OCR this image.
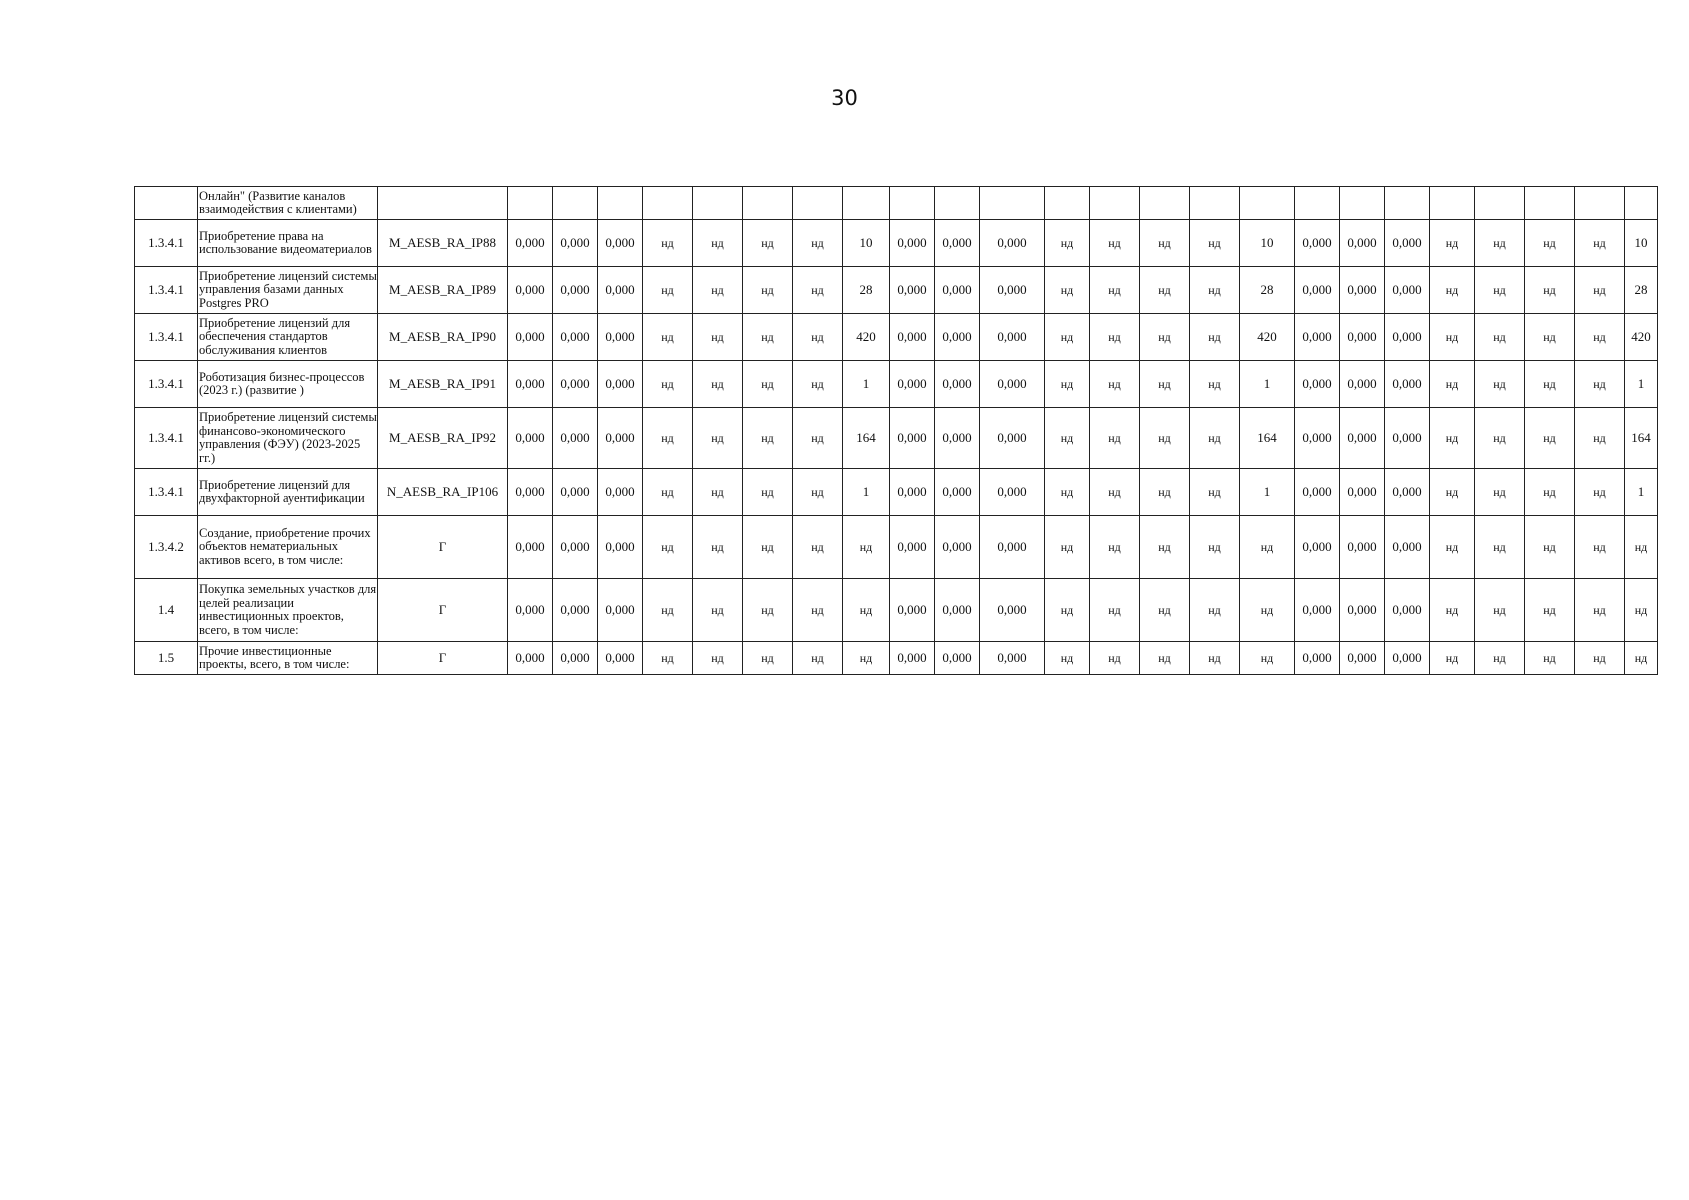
30
	Онлайн" (Развитие каналов взаимодействия с клиентами)																									
1.3.4.1	Приобретение права на использование видеоматериалов	M_AESB_RA_IP88	0,000	0,000	0,000	нд	нд	нд	нд	10	0,000	0,000	0,000	нд	нд	нд	нд	10	0,000	0,000	0,000	нд	нд	нд	нд	10
1.3.4.1	Приобретение лицензий системы управления базами данных Postgres PRO	M_AESB_RA_IP89	0,000	0,000	0,000	нд	нд	нд	нд	28	0,000	0,000	0,000	нд	нд	нд	нд	28	0,000	0,000	0,000	нд	нд	нд	нд	28
1.3.4.1	Приобретение лицензий для обеспечения стандартов обслуживания клиентов	M_AESB_RA_IP90	0,000	0,000	0,000	нд	нд	нд	нд	420	0,000	0,000	0,000	нд	нд	нд	нд	420	0,000	0,000	0,000	нд	нд	нд	нд	420
1.3.4.1	Роботизация бизнес-процессов (2023 г.) (развитие )	M_AESB_RA_IP91	0,000	0,000	0,000	нд	нд	нд	нд	1	0,000	0,000	0,000	нд	нд	нд	нд	1	0,000	0,000	0,000	нд	нд	нд	нд	1
1.3.4.1	Приобретение лицензий системы финансово-экономического управления (ФЭУ) (2023-2025 гг.)	M_AESB_RA_IP92	0,000	0,000	0,000	нд	нд	нд	нд	164	0,000	0,000	0,000	нд	нд	нд	нд	164	0,000	0,000	0,000	нд	нд	нд	нд	164
1.3.4.1	Приобретение лицензий для двухфакторной ауентификации	N_AESB_RA_IP106	0,000	0,000	0,000	нд	нд	нд	нд	1	0,000	0,000	0,000	нд	нд	нд	нд	1	0,000	0,000	0,000	нд	нд	нд	нд	1
1.3.4.2	Создание, приобретение прочих объектов нематериальных активов всего, в том числе:	Г	0,000	0,000	0,000	нд	нд	нд	нд	нд	0,000	0,000	0,000	нд	нд	нд	нд	нд	0,000	0,000	0,000	нд	нд	нд	нд	нд
1.4	Покупка земельных участков для целей реализации инвестиционных проектов, всего, в том числе:	Г	0,000	0,000	0,000	нд	нд	нд	нд	нд	0,000	0,000	0,000	нд	нд	нд	нд	нд	0,000	0,000	0,000	нд	нд	нд	нд	нд
1.5	Прочие инвестиционные проекты, всего, в том числе:	Г	0,000	0,000	0,000	нд	нд	нд	нд	нд	0,000	0,000	0,000	нд	нд	нд	нд	нд	0,000	0,000	0,000	нд	нд	нд	нд	нд
